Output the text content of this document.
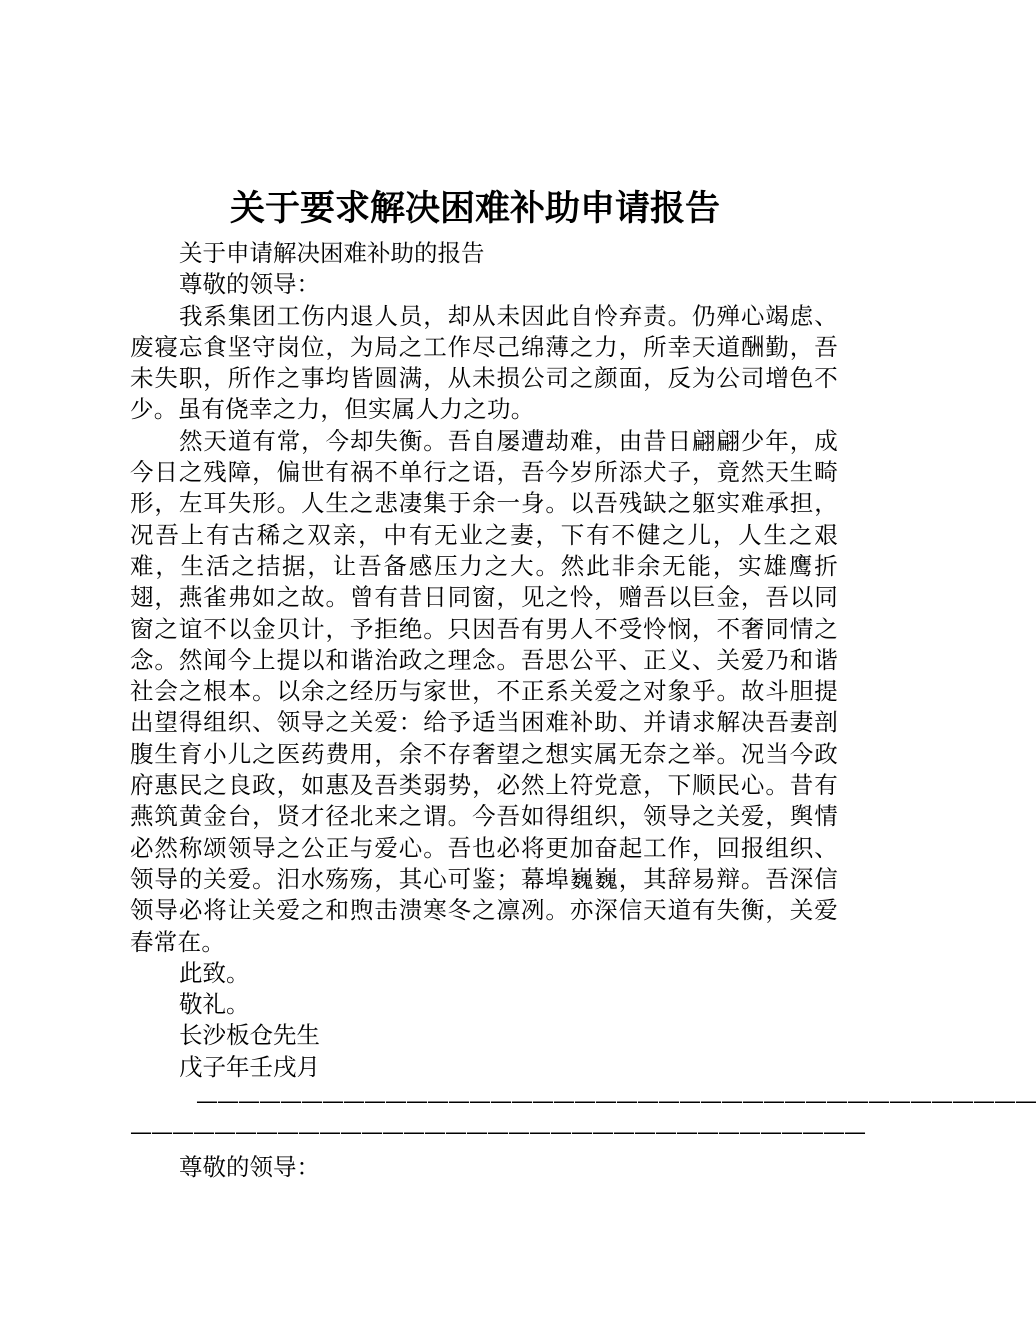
关于要求解决困难补助申请报告

关于申请解决困难补助的报告

尊敬的领导：

我系集团工伤内退人员，却从未因此自怜弃责。仍殚心竭虑、废寝忘食坚守岗位，为局之工作尽己绵薄之力，所幸天道酬勤，吾未失职，所作之事均皆圆满，从未损公司之颜面，反为公司增色不少。虽有侥幸之力，但实属人力之功。

然天道有常，今却失衡。吾自屡遭劫难，由昔日翩翩少年，成今日之残障，偏世有祸不单行之语，吾今岁所添犬子，竟然天生畸形，左耳失形。人生之悲凄集于余一身。以吾残缺之躯实难承担，况吾上有古稀之双亲，中有无业之妻，下有不健之儿，人生之艰难，生活之拮据，让吾备感压力之大。然此非余无能，实雄鹰折翅，燕雀弗如之故。曾有昔日同窗，见之怜，赠吾以巨金，吾以同窗之谊不以金贝计，予拒绝。只因吾有男人不受怜悯，不奢同情之念。然闻今上提以和谐治政之理念。吾思公平、正义、关爱乃和谐社会之根本。以余之经历与家世，不正系关爱之对象乎。故斗胆提出望得组织、领导之关爱：给予适当困难补助、并请求解决吾妻剖腹生育小儿之医药费用，余不存奢望之想实属无奈之举。况当今政府惠民之良政，如惠及吾类弱势，必然上符党意，下顺民心。昔有燕筑黄金台，贤才径北来之谓。今吾如得组织，领导之关爱，舆情必然称颂领导之公正与爱心。吾也必将更加奋起工作，回报组织、领导的关爱。汨水殇殇，其心可鉴；幕埠巍巍，其辞易辩。吾深信领导必将让关爱之和煦击溃寒冬之凛冽。亦深信天道有失衡，关爱春常在。

此致。

敬礼。

长沙板仓先生

戊子年壬戌月

————————————————————————————————————————
———————————————————————————————————
尊敬的领导：
